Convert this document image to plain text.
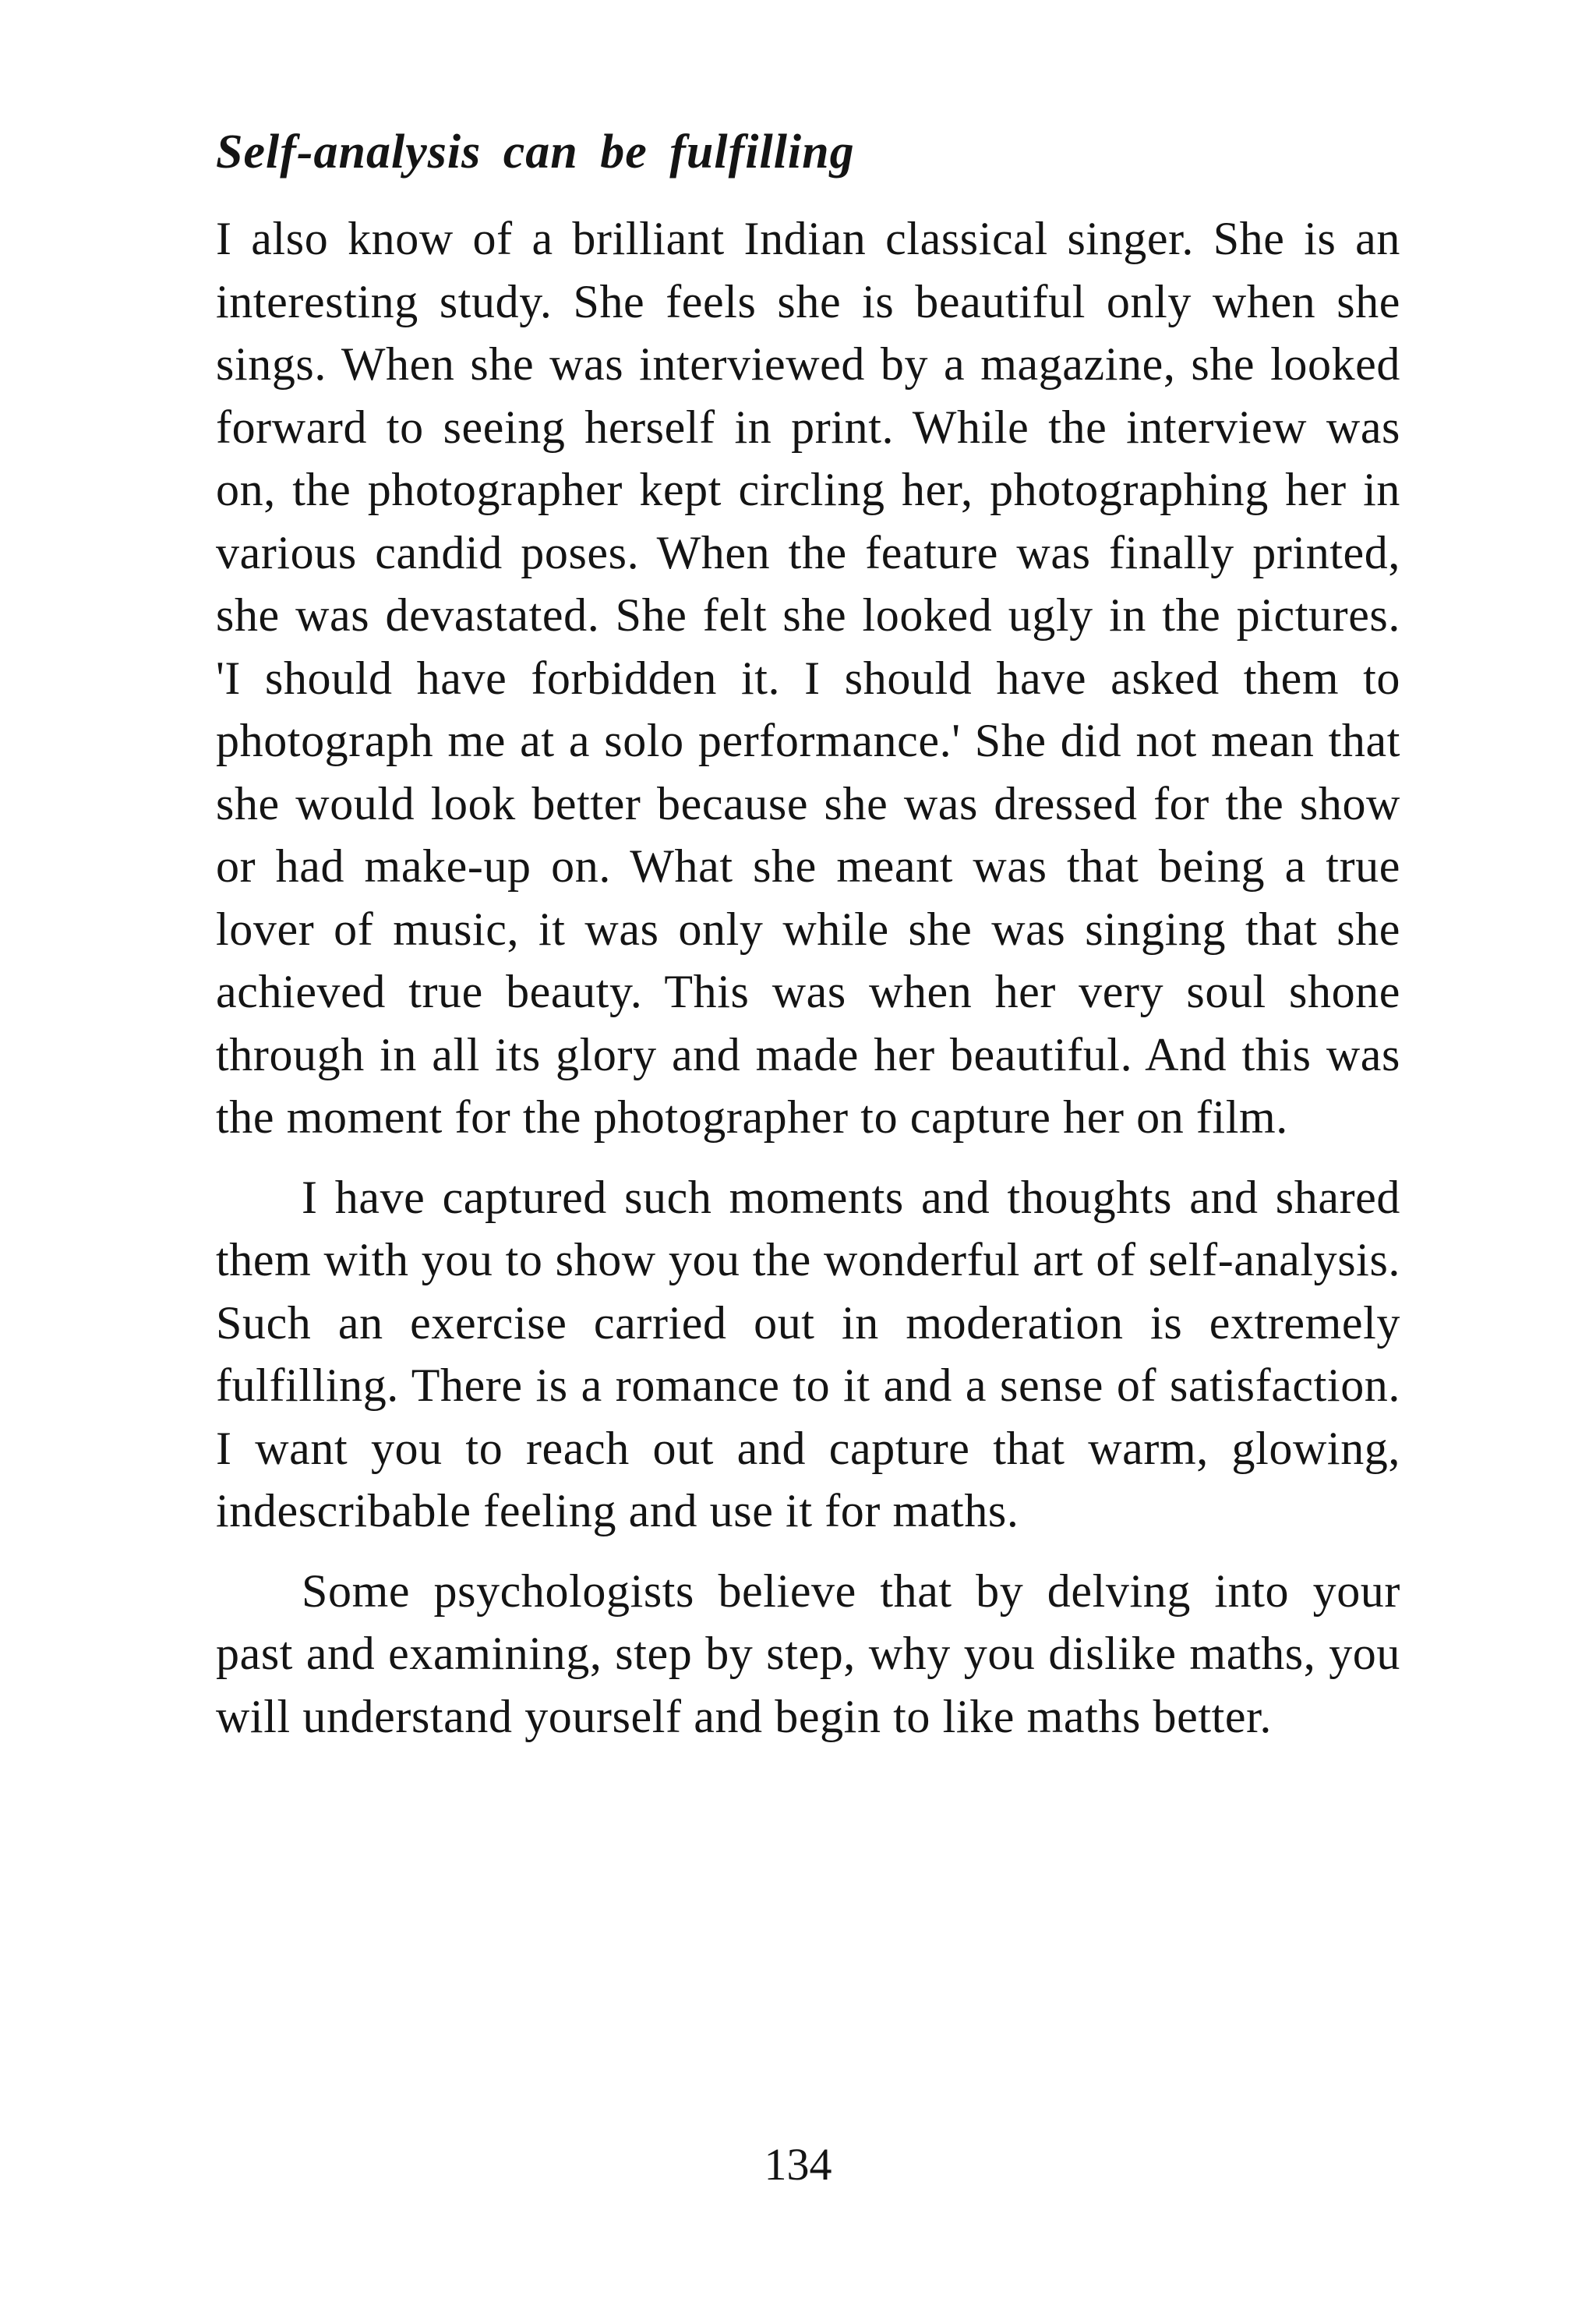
Self-analysis can be fulfilling

I also know of a brilliant Indian classical singer. She is an interesting study. She feels she is beautiful only when she sings. When she was interviewed by a magazine, she looked forward to seeing herself in print. While the interview was on, the photographer kept circling her, photographing her in various candid poses. When the feature was finally printed, she was devastated. She felt she looked ugly in the pictures. 'I should have forbidden it. I should have asked them to photograph me at a solo performance.' She did not mean that she would look better because she was dressed for the show or had make-up on. What she meant was that being a true lover of music, it was only while she was singing that she achieved true beauty. This was when her very soul shone through in all its glory and made her beautiful. And this was the moment for the photographer to capture her on film.

I have captured such moments and thoughts and shared them with you to show you the wonderful art of self-analysis. Such an exercise carried out in moderation is extremely fulfilling. There is a romance to it and a sense of satisfaction. I want you to reach out and capture that warm, glowing, indescribable feeling and use it for maths.

Some psychologists believe that by delving into your past and examining, step by step, why you dislike maths, you will understand yourself and begin to like maths better.

134
